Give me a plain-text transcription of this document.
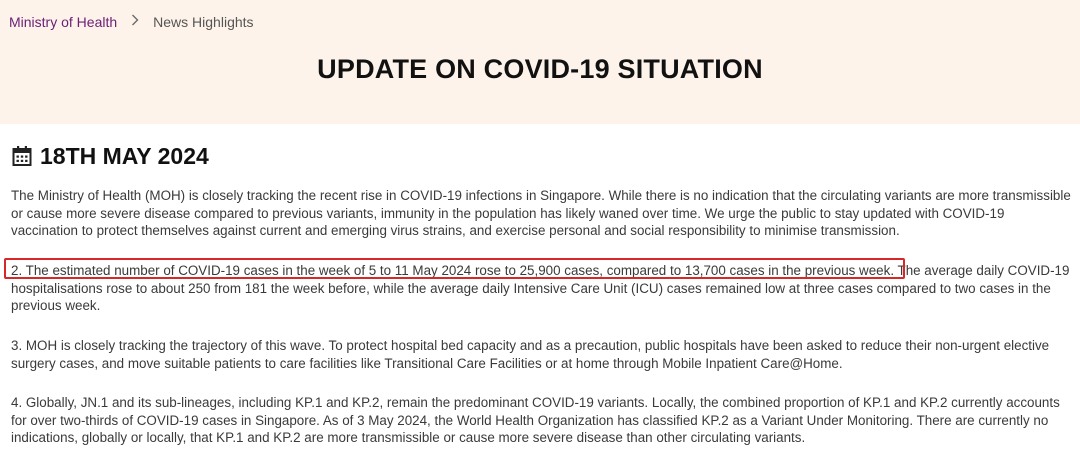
Ministry of Health	News Highlights
UPDATE ON COVID-19 SITUATION
18TH MAY 2024

The Ministry of Health (MOH) is closely tracking the recent rise in COVID-19 infections in Singapore. While there is no indication that the circulating variants are more transmissible or cause more severe disease compared to previous variants, immunity in the population has likely waned over time. We urge the public to stay updated with COVID-19 vaccination to protect themselves against current and emerging virus strains, and exercise personal and social responsibility to minimise transmission.

2. The estimated number of COVID-19 cases in the week of 5 to 11 May 2024 rose to 25,900 cases, compared to 13,700 cases in the previous week. The average daily COVID-19 hospitalisations rose to about 250 from 181 the week before, while the average daily Intensive Care Unit (ICU) cases remained low at three cases compared to two cases in the previous week.

3. MOH is closely tracking the trajectory of this wave. To protect hospital bed capacity and as a precaution, public hospitals have been asked to reduce their non-urgent elective surgery cases, and move suitable patients to care facilities like Transitional Care Facilities or at home through Mobile Inpatient Care@Home.

4. Globally, JN.1 and its sub-lineages, including KP.1 and KP.2, remain the predominant COVID-19 variants. Locally, the combined proportion of KP.1 and KP.2 currently accounts for over two-thirds of COVID-19 cases in Singapore. As of 3 May 2024, the World Health Organization has classified KP.2 as a Variant Under Monitoring. There are currently no indications, globally or locally, that KP.1 and KP.2 are more transmissible or cause more severe disease than other circulating variants.
